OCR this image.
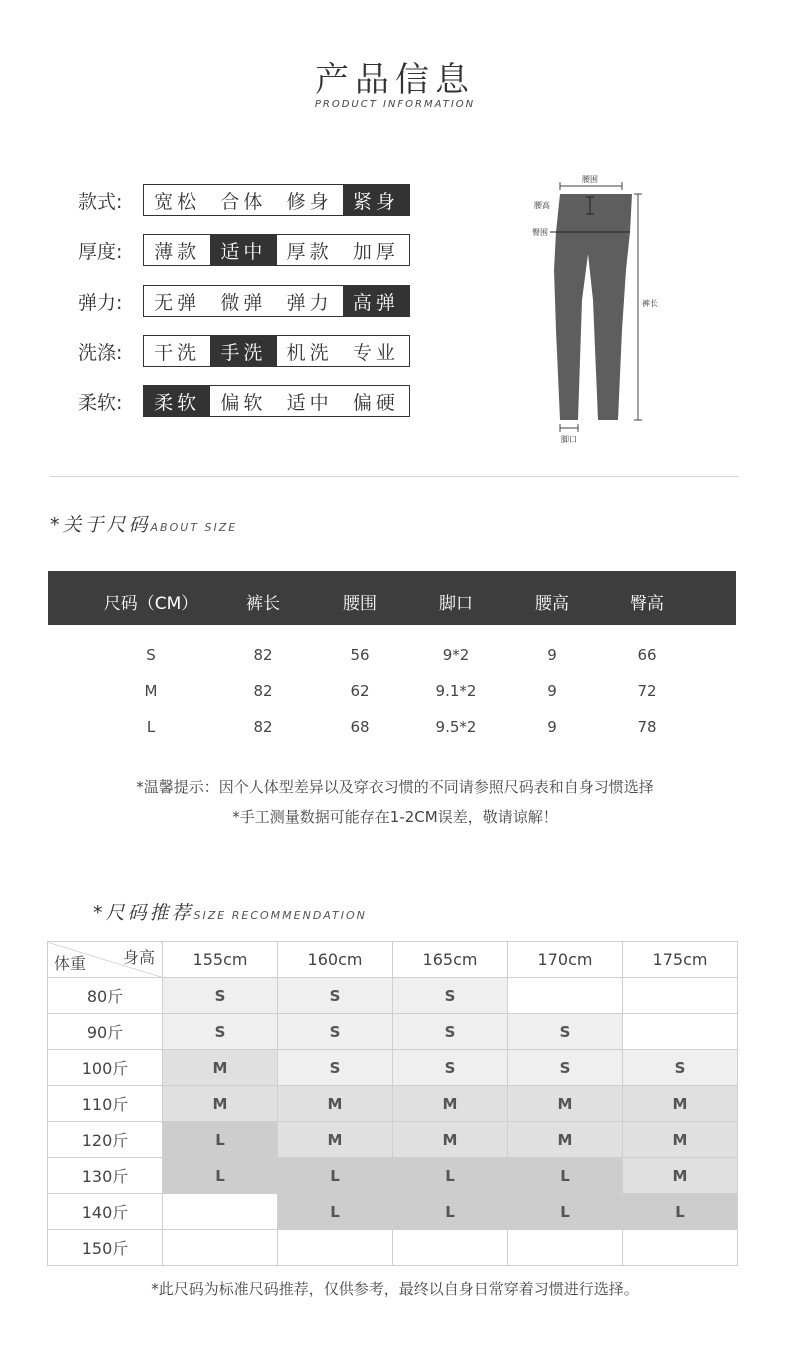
产品信息
PRODUCT INFORMATION
款式:	宽松	合体	修身	紧身
厚度:	薄款	适中	厚款	加厚
弹力:	无弹	微弹	弹力	高弹
洗涤:	干洗	手洗	机洗	专业
柔软:	柔软	偏软	适中	偏硬
腰围
腰高
臀围
裤长
脚口
*关于尺码ABOUT SIZE
尺码（CM）	裤长	腰围	脚口	腰高	臀高
S	82	56	9*2	9	66
M	82	62	9.1*2	9	72
L	82	68	9.5*2	9	78
*温馨提示：因个人体型差异以及穿衣习惯的不同请参照尺码表和自身习惯选择
*手工测量数据可能存在1-2CM误差，敬请谅解！
*尺码推荐SIZE RECOMMENDATION
身高
体重	155cm	160cm	165cm	170cm	175cm
80斤	S	S	S		
90斤	S	S	S	S	
100斤	M	S	S	S	S
110斤	M	M	M	M	M
120斤	L	M	M	M	M
130斤	L	L	L	L	M
140斤		L	L	L	L
150斤					
*此尺码为标准尺码推荐，仅供参考，最终以自身日常穿着习惯进行选择。
